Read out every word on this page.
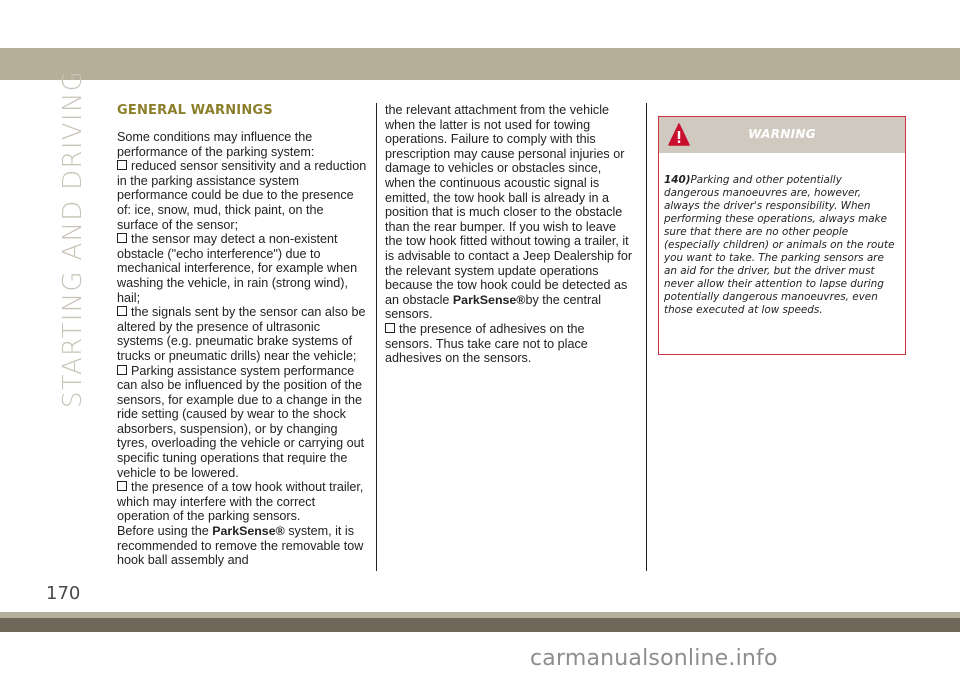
STARTING AND DRIVING GENERAL WARNINGS

Some conditions may influence the performance of the parking system:

reduced sensor sensitivity and a reduction in the parking assistance system performance could be due to the presence of: ice, snow, mud, thick paint, on the surface of the sensor;

the sensor may detect a non-existent obstacle ("echo interference") due to mechanical interference, for example when washing the vehicle, in rain (strong wind), hail;

the signals sent by the sensor can also be altered by the presence of ultrasonic systems (e.g. pneumatic brake systems of trucks or pneumatic drills) near the vehicle;

Parking assistance system performance can also be influenced by the position of the sensors, for example due to a change in the ride setting (caused by wear to the shock absorbers, suspension), or by changing tyres, overloading the vehicle or carrying out specific tuning operations that require the vehicle to be lowered.

the presence of a tow hook without trailer, which may interfere with the correct operation of the parking sensors.

Before using the ParkSense® system, it is recommended to remove the removable tow hook ball assembly and

the relevant attachment from the vehicle when the latter is not used for towing operations. Failure to comply with this prescription may cause personal injuries or damage to vehicles or obstacles since, when the continuous acoustic signal is emitted, the tow hook ball is already in a position that is much closer to the obstacle than the rear bumper. If you wish to leave the tow hook fitted without towing a trailer, it is advisable to contact a Jeep Dealership for the relevant system update operations because the tow hook could be detected as an obstacle ParkSense®by the central sensors.

the presence of adhesives on the sensors. Thus take care not to place adhesives on the sensors.

WARNING
140)Parking and other potentially dangerous manoeuvres are, however, always the driver's responsibility. When performing these operations, always make sure that there are no other people (especially children) or animals on the route you want to take. The parking sensors are an aid for the driver, but the driver must never allow their attention to lapse during potentially dangerous manoeuvres, even those executed at low speeds.
170
carmanualsonline.info
